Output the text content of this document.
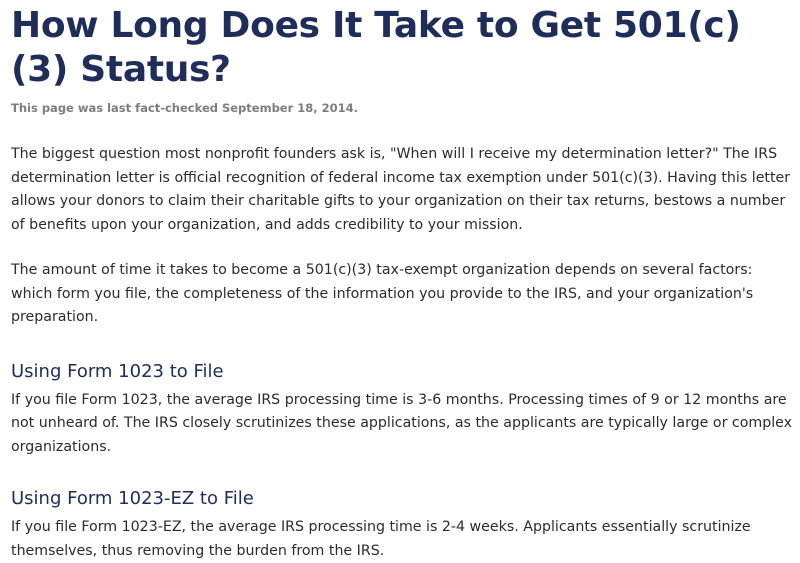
How Long Does It Take to Get 501(c)(3) Status?

This page was last fact-checked September 18, 2014.

The biggest question most nonprofit founders ask is, "When will I receive my determination letter?" The IRS determination letter is official recognition of federal income tax exemption under 501(c)(3). Having this letter allows your donors to claim their charitable gifts to your organization on their tax returns, bestows a number of benefits upon your organization, and adds credibility to your mission.

The amount of time it takes to become a 501(c)(3) tax-exempt organization depends on several factors: which form you file, the completeness of the information you provide to the IRS, and your organization's preparation.

Using Form 1023 to File

If you file Form 1023, the average IRS processing time is 3-6 months. Processing times of 9 or 12 months are not unheard of. The IRS closely scrutinizes these applications, as the applicants are typically large or complex organizations.

Using Form 1023-EZ to File

If you file Form 1023-EZ, the average IRS processing time is 2-4 weeks. Applicants essentially scrutinize themselves, thus removing the burden from the IRS.
